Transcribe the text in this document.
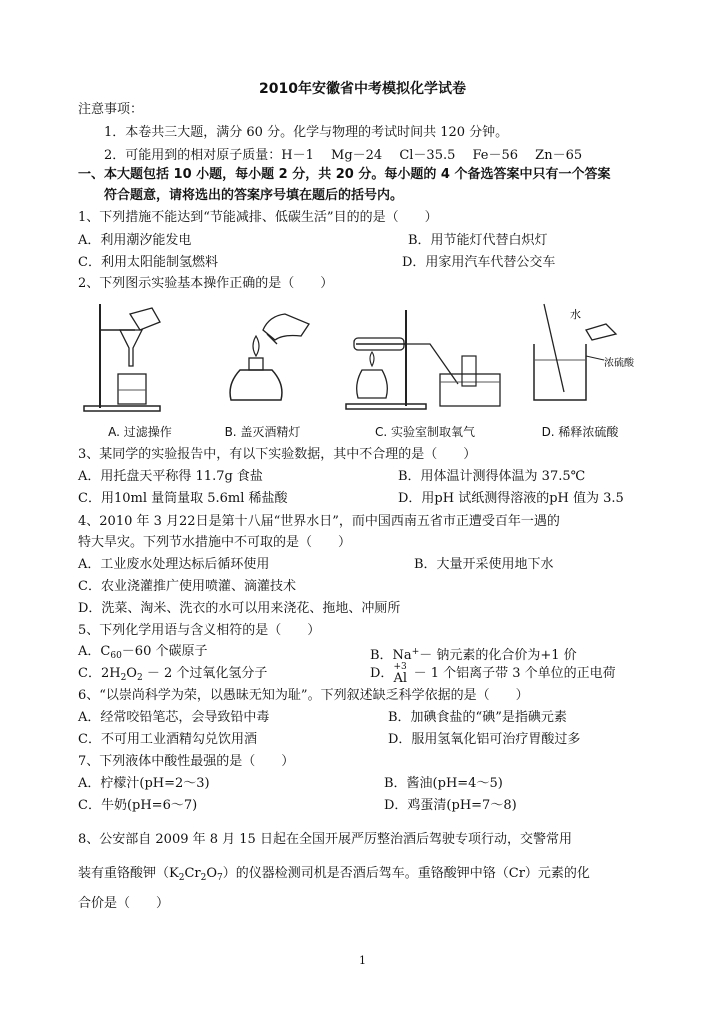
2010年安徽省中考模拟化学试卷
注意事项：
1．本卷共三大题，满分 60 分。化学与物理的考试时间共 120 分钟。
2．可能用到的相对原子质量：H－1　 Mg－24　 Cl－35.5　 Fe－56　 Zn－65
一、本大题包括 10 小题，每小题 2 分，共 20 分。每小题的 4 个备选答案中只有一个答案
符合题意，请将选出的答案序号填在题后的括号内。
1、下列措施不能达到“节能减排、低碳生活”目的的是（　　）
A．利用潮汐能发电	B．用节能灯代替白炽灯
C．利用太阳能制氢燃料	D．用家用汽车代替公交车
2、下列图示实验基本操作正确的是（　　）
A. 过滤操作	B. 盖灭酒精灯	C. 实验室制取氧气
水
浓硫酸
D. 稀释浓硫酸
3、某同学的实验报告中，有以下实验数据，其中不合理的是（　　）
A．用托盘天平称得 11.7g 食盐	B．用体温计测得体温为 37.5℃
C．用10ml 量筒量取 5.6ml 稀盐酸	D．用pH 试纸测得溶液的pH 值为 3.5
4、2010 年 3 月22日是第十八届“世界水日”，而中国西南五省市正遭受百年一遇的
特大旱灾。下列节水措施中不可取的是（　　）
A．工业废水处理达标后循环使用	B．大量开采使用地下水
C．农业浇灌推广使用喷灌、滴灌技术
D．洗菜、淘米、洗衣的水可以用来浇花、拖地、冲厕所
5、下列化学用语与含义相符的是（　　）
A．$C_{60}-60$ 个碳原子	B．Na+－ 钠元素的化合价为+1 价
C．$2H_2O_2 - 2$ 个过氧化氢分子	D． +3
Al － 1 个铝离子带 3 个单位的正电荷
6、“以崇尚科学为荣，以愚昧无知为耻”。下列叙述缺乏科学依据的是（　　）
A．经常咬铅笔芯，会导致铅中毒	B．加碘食盐的“碘”是指碘元素
C．不可用工业酒精勾兑饮用酒	D．服用氢氧化铝可治疗胃酸过多
7、下列液体中酸性最强的是（　　）
A．柠檬汁(pH=2～3)	B．酱油(pH=4～5)
C．牛奶(pH=6～7)	D．鸡蛋清(pH=7～8)
8、公安部自 2009 年 8 月 15 日起在全国开展严厉整治酒后驾驶专项行动，交警常用
装有重铬酸钾$(K_2Cr_2O_7)$的仪器检测司机是否酒后驾车。重铬酸钾中铬（Cr）元素的化
合价是（　　）
1
